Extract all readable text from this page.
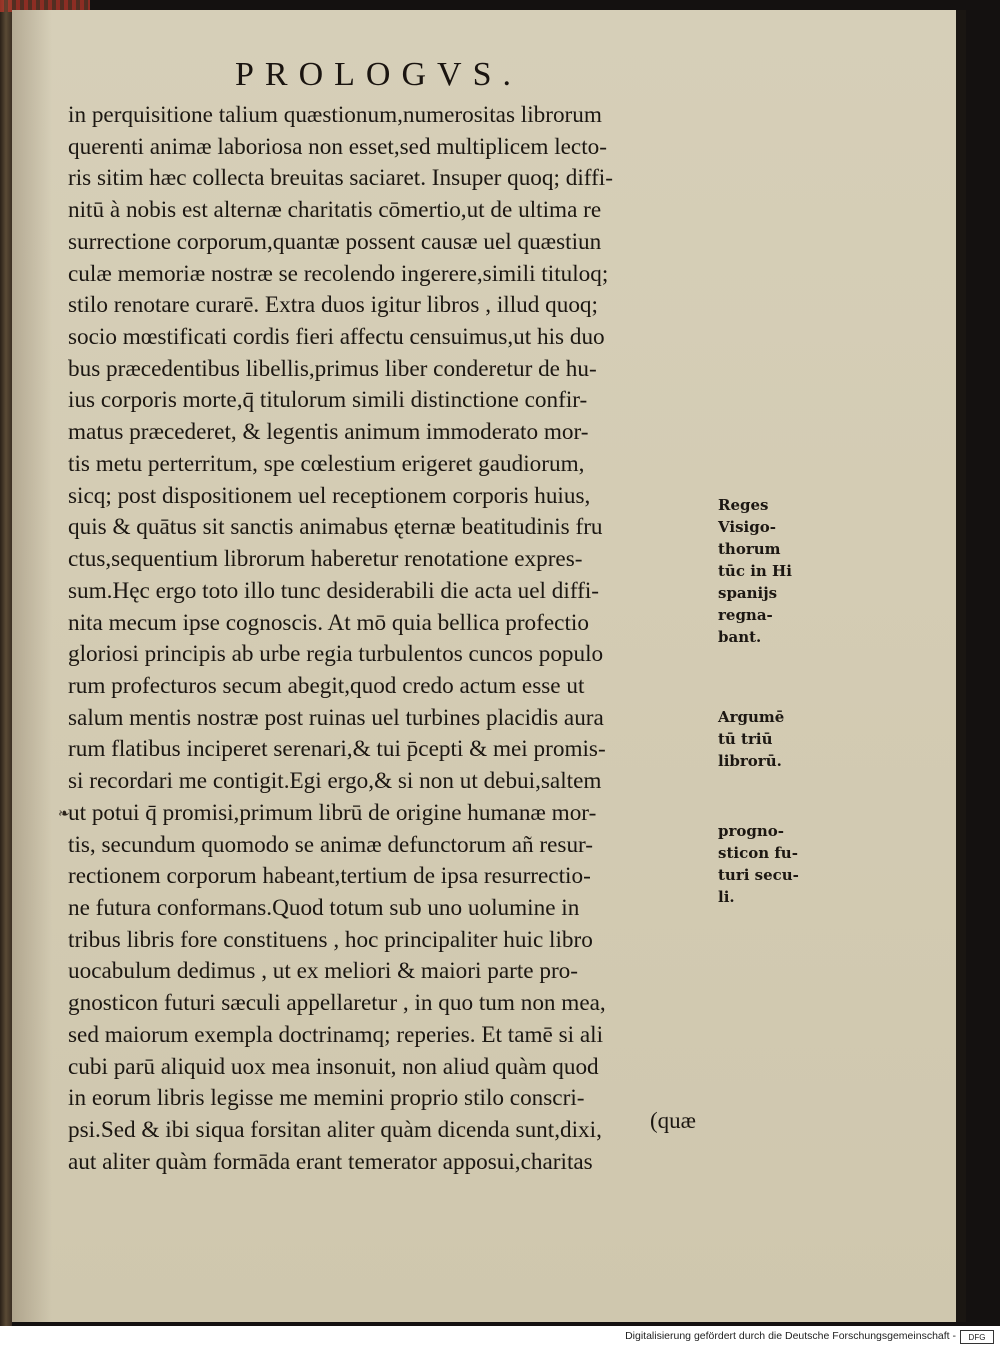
PROLOGVS.
in perquisitione talium quæstionum,numerositas librorum
querenti animæ laboriosa non esset,sed multiplicem lecto-
ris sitim hæc collecta breuitas saciaret. Insuper quoq; diffi-
nitū à nobis est alternæ charitatis cōmertio,ut de ultima re
surrectione corporum,quantæ possent causæ uel quæstiun
culæ memoriæ nostræ se recolendo ingerere,simili tituloq;
stilo renotare curarē. Extra duos igitur libros , illud quoq;
socio mœstificati cordis fieri affectu censuimus,ut his duo
bus præcedentibus libellis,primus liber conderetur de hu-
ius corporis morte,q̄ titulorum simili distinctione confir-
matus præcederet, & legentis animum immoderato mor-
tis metu perterritum, spe cœlestium erigeret gaudiorum,
sicq; post dispositionem uel receptionem corporis huius,
quis & quātus sit sanctis animabus ęternæ beatitudinis fru
ctus,sequentium librorum haberetur renotatione expres-
sum.Hęc ergo toto illo tunc desiderabili die acta uel diffi-
nita mecum ipse cognoscis. At mō quia bellica profectio
gloriosi principis ab urbe regia turbulentos cuncos populo
rum profecturos secum abegit,quod credo actum esse ut
salum mentis nostræ post ruinas uel turbines placidis aura
rum flatibus inciperet serenari,& tui p̄cepti & mei promis-
si recordari me contigit.Egi ergo,& si non ut debui,saltem
ut potui q̄ promisi,primum librū de origine humanæ mor-
tis, secundum quomodo se animæ defunctorum añ resur-
rectionem corporum habeant,tertium de ipsa resurrectio-
ne futura conformans.Quod totum sub uno uolumine in
tribus libris fore constituens , hoc principaliter huic libro
uocabulum dedimus , ut ex meliori & maiori parte pro-
gnosticon futuri sæculi appellaretur , in quo tum non mea,
sed maiorum exempla doctrinamq; reperies. Et tamē si ali
cubi parū aliquid uox mea insonuit, non aliud quàm quod
in eorum libris legisse me memini proprio stilo conscri-
psi.Sed & ibi siqua forsitan aliter quàm dicenda sunt,dixi,
aut aliter quàm formāda erant temerator apposui,charitas
(quæ
❧
Reges
Visigo-
thorum
tūc in Hi
spanijs
regna-
bant.
Argumē
tū triū
librorū.
progno-
sticon fu-
turi secu-
li.
Digitalisierung gefördert durch die Deutsche Forschungsgemeinschaft -	DFG
